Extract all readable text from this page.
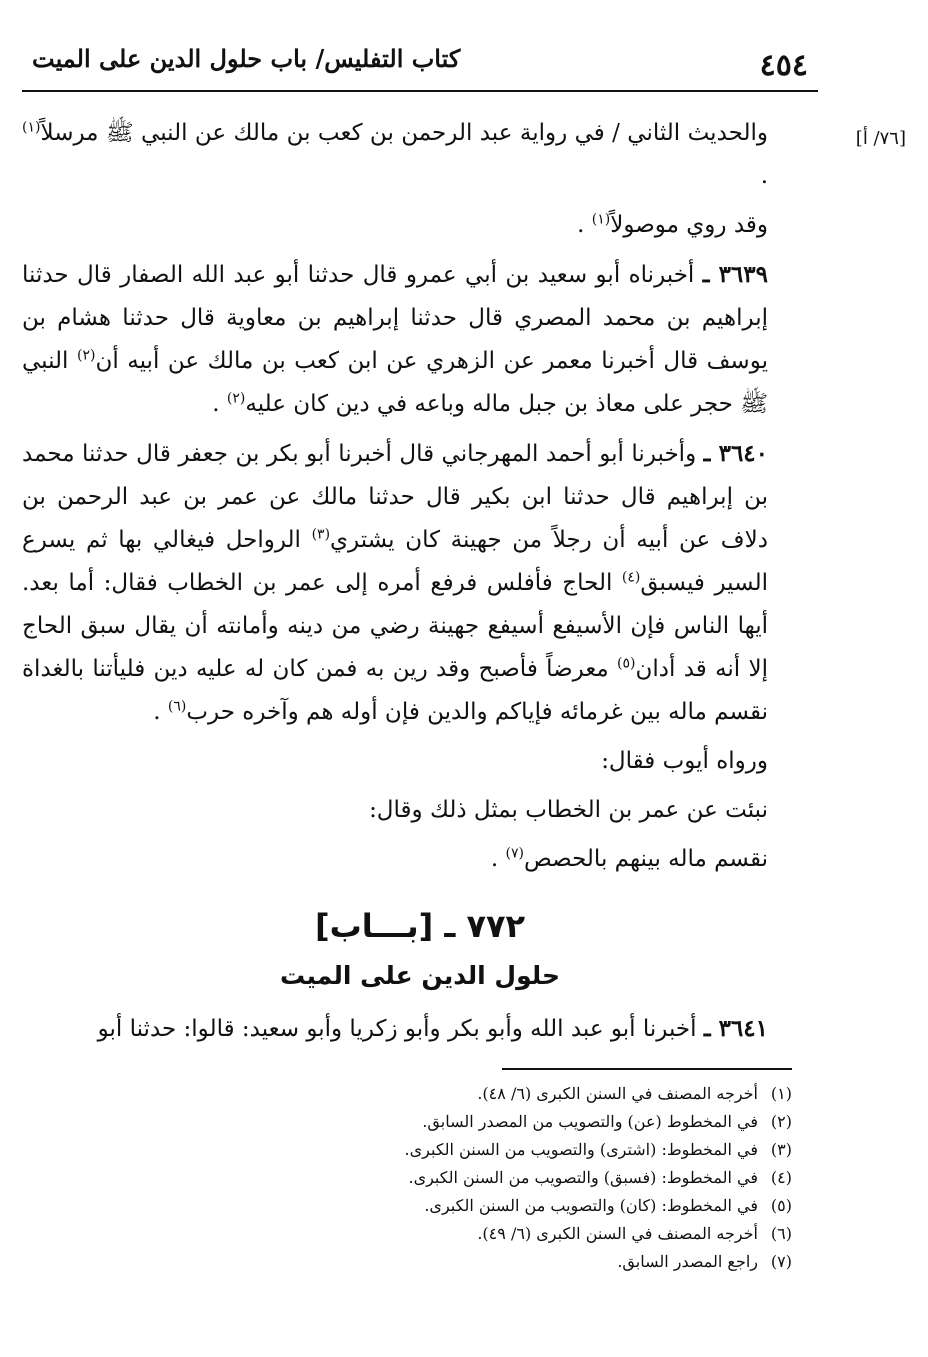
٤٥٤
كتاب التفليس/ باب حلول الدين على الميت
[٧٦/ أ]

والحديث الثاني / في رواية عبد الرحمن بن كعب بن مالك عن النبي ﷺ مرسلاً$^{(١)}$ .

وقد روي موصولاً$^{(١)}$ .

٣٦٣٩ ـ أخبرناه أبو سعيد بن أبي عمرو قال حدثنا أبو عبد الله الصفار قال حدثنا إبراهيم بن محمد المصري قال حدثنا إبراهيم بن معاوية قال حدثنا هشام بن يوسف قال أخبرنا معمر عن الزهري عن ابن كعب بن مالك عن أبيه أن$^{(٢)}$ النبي ﷺ حجر على معاذ بن جبل ماله وباعه في دين كان عليه$^{(٢)}$ .

٣٦٤٠ ـ وأخبرنا أبو أحمد المهرجاني قال أخبرنا أبو بكر بن جعفر قال حدثنا محمد بن إبراهيم قال حدثنا ابن بكير قال حدثنا مالك عن عمر بن عبد الرحمن بن دلاف عن أبيه أن رجلاً من جهينة كان يشتري$^{(٣)}$ الرواحل فيغالي بها ثم يسرع السير فيسبق$^{(٤)}$ الحاج فأفلس فرفع أمره إلى عمر بن الخطاب فقال: أما بعد. أيها الناس فإن الأسيفع أسيفع جهينة رضي من دينه وأمانته أن يقال سبق الحاج إلا أنه قد أدان$^{(٥)}$ معرضاً فأصبح وقد رين به فمن كان له عليه دين فليأتنا بالغداة نقسم ماله بين غرمائه فإياكم والدين فإن أوله هم وآخره حرب$^{(٦)}$ .

ورواه أيوب فقال:

نبئت عن عمر بن الخطاب بمثل ذلك وقال:

نقسم ماله بينهم بالحصص$^{(٧)}$ .

٧٧٢ ـ [بـــاب]
حلول الدين على الميت

٣٦٤١ ـ أخبرنا أبو عبد الله وأبو بكر وأبو زكريا وأبو سعيد: قالوا: حدثنا أبو

(١)أخرجه المصنف في السنن الكبرى (٦/ ٤٨).
(٢)في المخطوط (عن) والتصويب من المصدر السابق.
(٣)في المخطوط: (اشترى) والتصويب من السنن الكبرى.
(٤)في المخطوط: (فسبق) والتصويب من السنن الكبرى.
(٥)في المخطوط: (كان) والتصويب من السنن الكبرى.
(٦)أخرجه المصنف في السنن الكبرى (٦/ ٤٩).
(٧)راجع المصدر السابق.
